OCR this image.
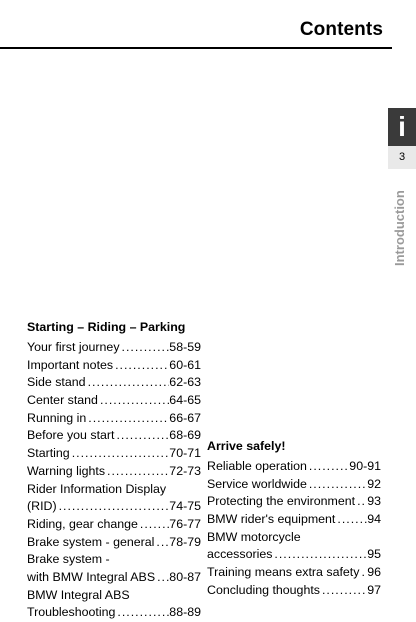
Contents
i
3
Introduction
Starting – Riding – Parking
Your first journey .....	58-59
Important notes .....	60-61
Side stand .....	62-63
Center stand .....	64-65
Running in .....	66-67
Before you start .....	68-69
Starting .....	70-71
Warning lights .....	72-73
Rider Information Display
(RID) .....	74-75
Riding, gear change .....	76-77
Brake system - general ..... 78-79
Brake system -
with BMW Integral ABS ..... 80-87
BMW Integral ABS
Troubleshooting .....	88-89
Arrive safely!
Reliable operation .....	90-91
Service worldwide .....	92
Protecting the environment ..... 93
BMW rider's equipment .....	94
BMW motorcycle
accessories .....	95
Training means extra safety ..... 96
Concluding thoughts .....	97
